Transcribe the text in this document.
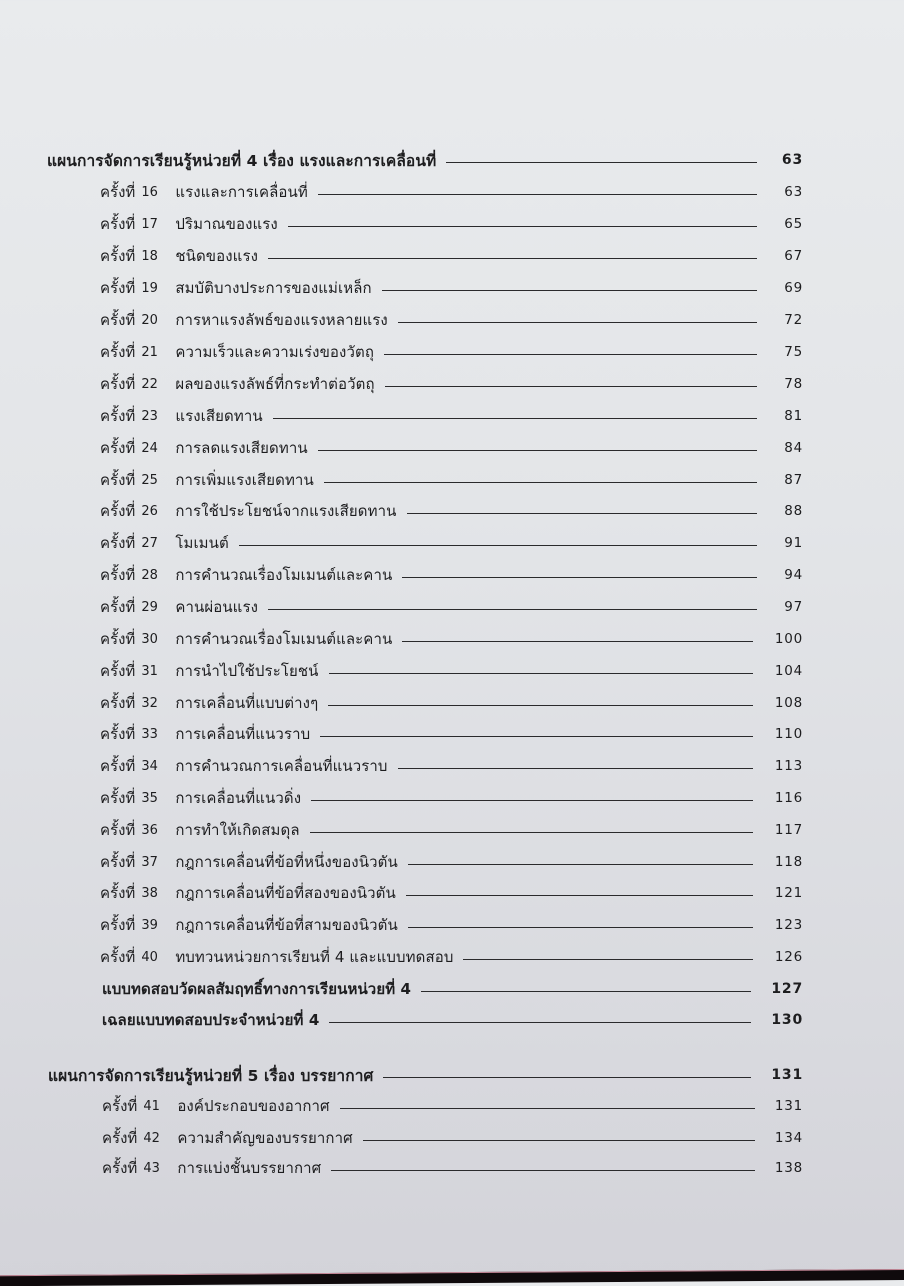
แผนการจัดการเรียนรู้หน่วยที่ 4 เรื่อง แรงและการเคลื่อนที่	63
ครั้งที่ 16	แรงและการเคลื่อนที่	63
ครั้งที่ 17	ปริมาณของแรง	65
ครั้งที่ 18	ชนิดของแรง	67
ครั้งที่ 19	สมบัติบางประการของแม่เหล็ก	69
ครั้งที่ 20	การหาแรงลัพธ์ของแรงหลายแรง	72
ครั้งที่ 21	ความเร็วและความเร่งของวัตถุ	75
ครั้งที่ 22	ผลของแรงลัพธ์ที่กระทำต่อวัตถุ	78
ครั้งที่ 23	แรงเสียดทาน	81
ครั้งที่ 24	การลดแรงเสียดทาน	84
ครั้งที่ 25	การเพิ่มแรงเสียดทาน	87
ครั้งที่ 26	การใช้ประโยชน์จากแรงเสียดทาน	88
ครั้งที่ 27	โมเมนต์	91
ครั้งที่ 28	การคำนวณเรื่องโมเมนต์และคาน	94
ครั้งที่ 29	คานผ่อนแรง	97
ครั้งที่ 30	การคำนวณเรื่องโมเมนต์และคาน	100
ครั้งที่ 31	การนำไปใช้ประโยชน์	104
ครั้งที่ 32	การเคลื่อนที่แบบต่างๆ	108
ครั้งที่ 33	การเคลื่อนที่แนวราบ	110
ครั้งที่ 34	การคำนวณการเคลื่อนที่แนวราบ	113
ครั้งที่ 35	การเคลื่อนที่แนวดิ่ง	116
ครั้งที่ 36	การทำให้เกิดสมดุล	117
ครั้งที่ 37	กฎการเคลื่อนที่ข้อที่หนึ่งของนิวตัน	118
ครั้งที่ 38	กฎการเคลื่อนที่ข้อที่สองของนิวตัน	121
ครั้งที่ 39	กฎการเคลื่อนที่ข้อที่สามของนิวตัน	123
ครั้งที่ 40	ทบทวนหน่วยการเรียนที่ 4 และแบบทดสอบ	126
แบบทดสอบวัดผลสัมฤทธิ์ทางการเรียนหน่วยที่ 4	127
เฉลยแบบทดสอบประจำหน่วยที่ 4	130
แผนการจัดการเรียนรู้หน่วยที่ 5 เรื่อง บรรยากาศ	131
ครั้งที่ 41	องค์ประกอบของอากาศ	131
ครั้งที่ 42	ความสำคัญของบรรยากาศ	134
ครั้งที่ 43	การแบ่งชั้นบรรยากาศ	138
